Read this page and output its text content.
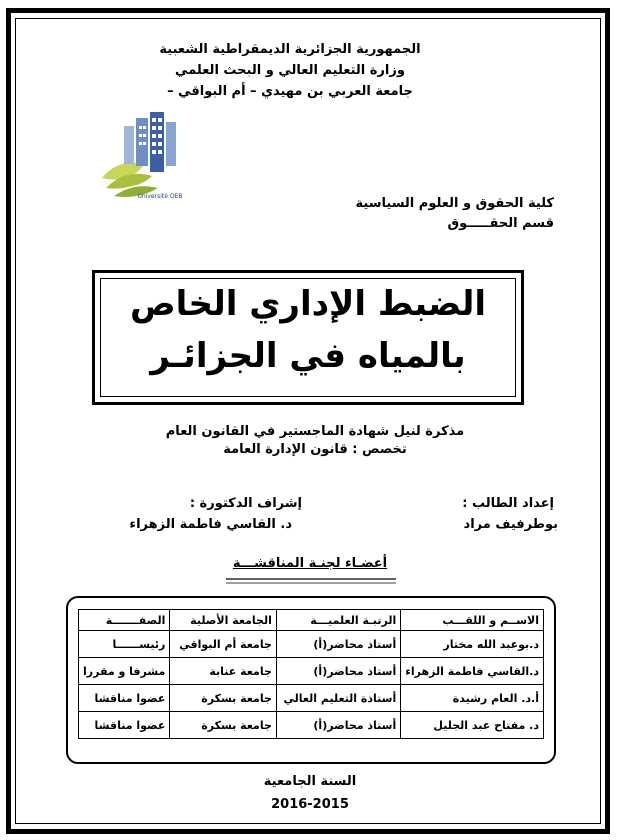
الجمهورية الجزائرية الديمقراطية الشعبية
وزارة التعليم العالي و البحث العلمي
جامعة العربي بن مهيدي – أم البواقي –
Université OEB	كلية الحقوق و العلوم السياسية
قسم الحقـــــوق
الضبط الإداري الخاص
بالمياه في الجزائـر
مذكرة لنيل شهادة الماجستير في القانون العام
تخصص : قانون الإدارة العامة
إعداد الطالب :
بوطرفيف مراد
إشراف الدكتورة :
د. القاسي فاطمة الزهراء
أعضـاء لجنـة المناقشـــة
الاســم و اللقـــب	الرتبـة العلميـــة	الجامعة الأصلية	الصفـــــــة
د.بوعبد الله مختار	أستاذ محاضر(أ)	جامعة أم البواقي	رئيســــــا
د.القاسي فاطمة الزهراء	أستاذ محاضر(أ)	جامعة عنابة	مشرفا و مقررا
أ.د. العام رشيدة	أستاذة التعليم العالي	جامعة بسكرة	عضوا مناقشا
د. مفتاح عبد الجليل	أستاذ محاضر(أ)	جامعة بسكرة	عضوا مناقشا
السنة الجامعية
2016-2015
